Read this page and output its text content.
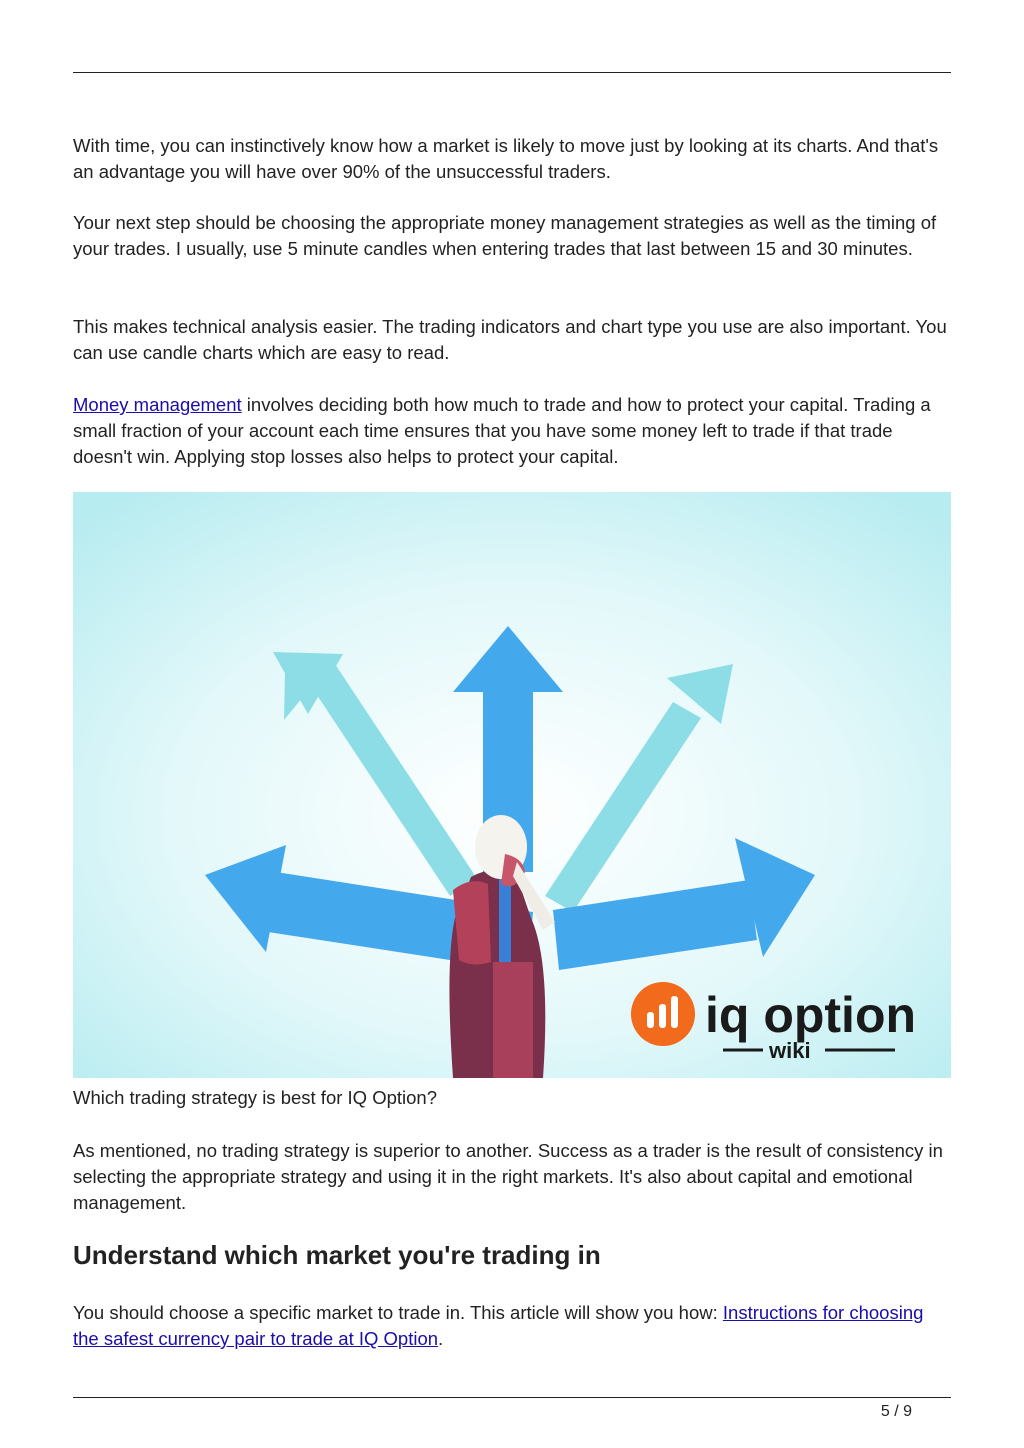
With time, you can instinctively know how a market is likely to move just by looking at its charts. And that's an advantage you will have over 90% of the unsuccessful traders.

Your next step should be choosing the appropriate money management strategies as well as the timing of your trades. I usually, use 5 minute candles when entering trades that last between 15 and 30 minutes.

This makes technical analysis easier. The trading indicators and chart type you use are also important. You can use candle charts which are easy to read.

Money management involves deciding both how much to trade and how to protect your capital. Trading a small fraction of your account each time ensures that you have some money left to trade if that trade doesn't win. Applying stop losses also helps to protect your capital.

iq option
wiki

Which trading strategy is best for IQ Option?

As mentioned, no trading strategy is superior to another. Success as a trader is the result of consistency in selecting the appropriate strategy and using it in the right markets. It's also about capital and emotional management.

Understand which market you're trading in

You should choose a specific market to trade in. This article will show you how: Instructions for choosing the safest currency pair to trade at IQ Option.

5 / 9
